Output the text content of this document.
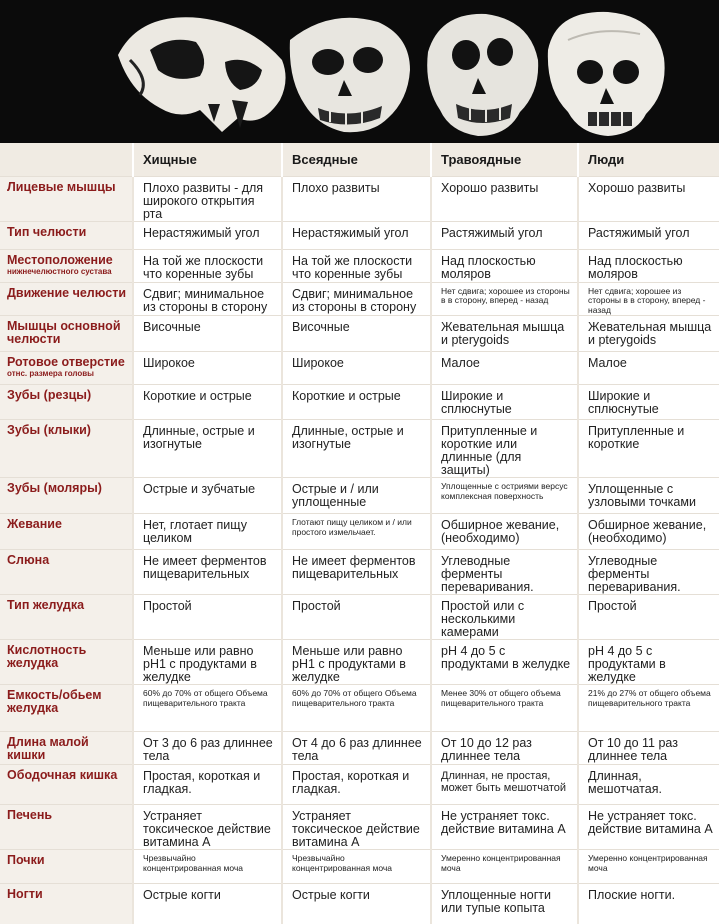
	Хищные	Всеядные	Травоядные	Люди
Лицевые мышцы	Плохо развиты - для широкого открытия рта	Плохо развиты	Хорошо развиты	Хорошо развиты
Тип челюсти	Нерастяжимый угол	Нерастяжимый угол	Растяжимый угол	Растяжимый угол
Местоположение
нижнечелюстного сустава	На той же плоскости что коренные зубы	На той же плоскости что коренные зубы	Над плоскостью моляров	Над плоскостью моляров
Движение челюсти	Сдвиг; минимальное из стороны в сторону	Сдвиг; минимальное из стороны в сторону	Нет сдвига; хорошее из стороны в в сторону, вперед - назад	Нет сдвига; хорошее из стороны в в сторону, вперед - назад
Мышцы основной челюсти	Височные	Височные	Жевательная мышца и pterygoids	Жевательная мышца и pterygoids
Ротовое отверстие
отнс. размера головы	Широкое	Широкое	Малое	Малое
Зубы (резцы)	Короткие и острые	Короткие и острые	Широкие и сплюснутые	Широкие и сплюснутые
Зубы (клыки)	Длинные, острые и изогнутые	Длинные, острые и изогнутые	Притупленные и короткие или длинные (для защиты)	Притупленные и короткие
Зубы (моляры)	Острые и зубчатые	Острые и / или уплощенные	Уплощенные с остриями версус комплексная поверхность	Уплощенные с узловыми точками
Жевание	Нет, глотает пищу целиком	Глотают пищу целиком и / или простого измельчает.	Обширное жевание, (необходимо)	Обширное жевание, (необходимо)
Слюна	Не имеет ферментов пищеварительных	Не имеет ферментов пищеварительных	Углеводные ферменты переваривания.	Углеводные ферменты переваривания.
Тип желудка	Простой	Простой	Простой или с несколькими камерами	Простой
Кислотность желудка	Меньше или равно pH1 с продуктами в желудке	Меньше или равно pH1 с продуктами в желудке	pH 4 до 5 с продуктами в желудке	pH 4 до 5 с продуктами в желудке
Емкость/обьем желудка	60% до 70% от общего Объема пищеварительного тракта	60% до 70% от общего Объема пищеварительного тракта	Менее 30% от общего объема пищеварительного тракта	21% до 27% от общего объема пищеварительного тракта
Длина малой кишки	От 3 до 6 раз длиннее тела	От 4 до 6 раз длиннее тела	От 10 до 12 раз длиннее тела	От 10 до 11 раз длиннее тела
Ободочная кишка	Простая, короткая и гладкая.	Простая, короткая и гладкая.	Длинная, не простая, может быть мешотчатой	Длинная, мешотчатая.
Печень	Устраняет токсическое действие витамина А	Устраняет токсическое действие витамина А	Не устраняет токс. действие витамина А	Не устраняет токс. действие витамина А
Почки	Чрезвычайно концентрированная моча	Чрезвычайно концентрированная моча	Умеренно концентрированная моча	Умеренно концентрированная моча
Ногти	Острые когти	Острые когти	Уплощенные ногти или тупые копыта	Плоские ногти.
